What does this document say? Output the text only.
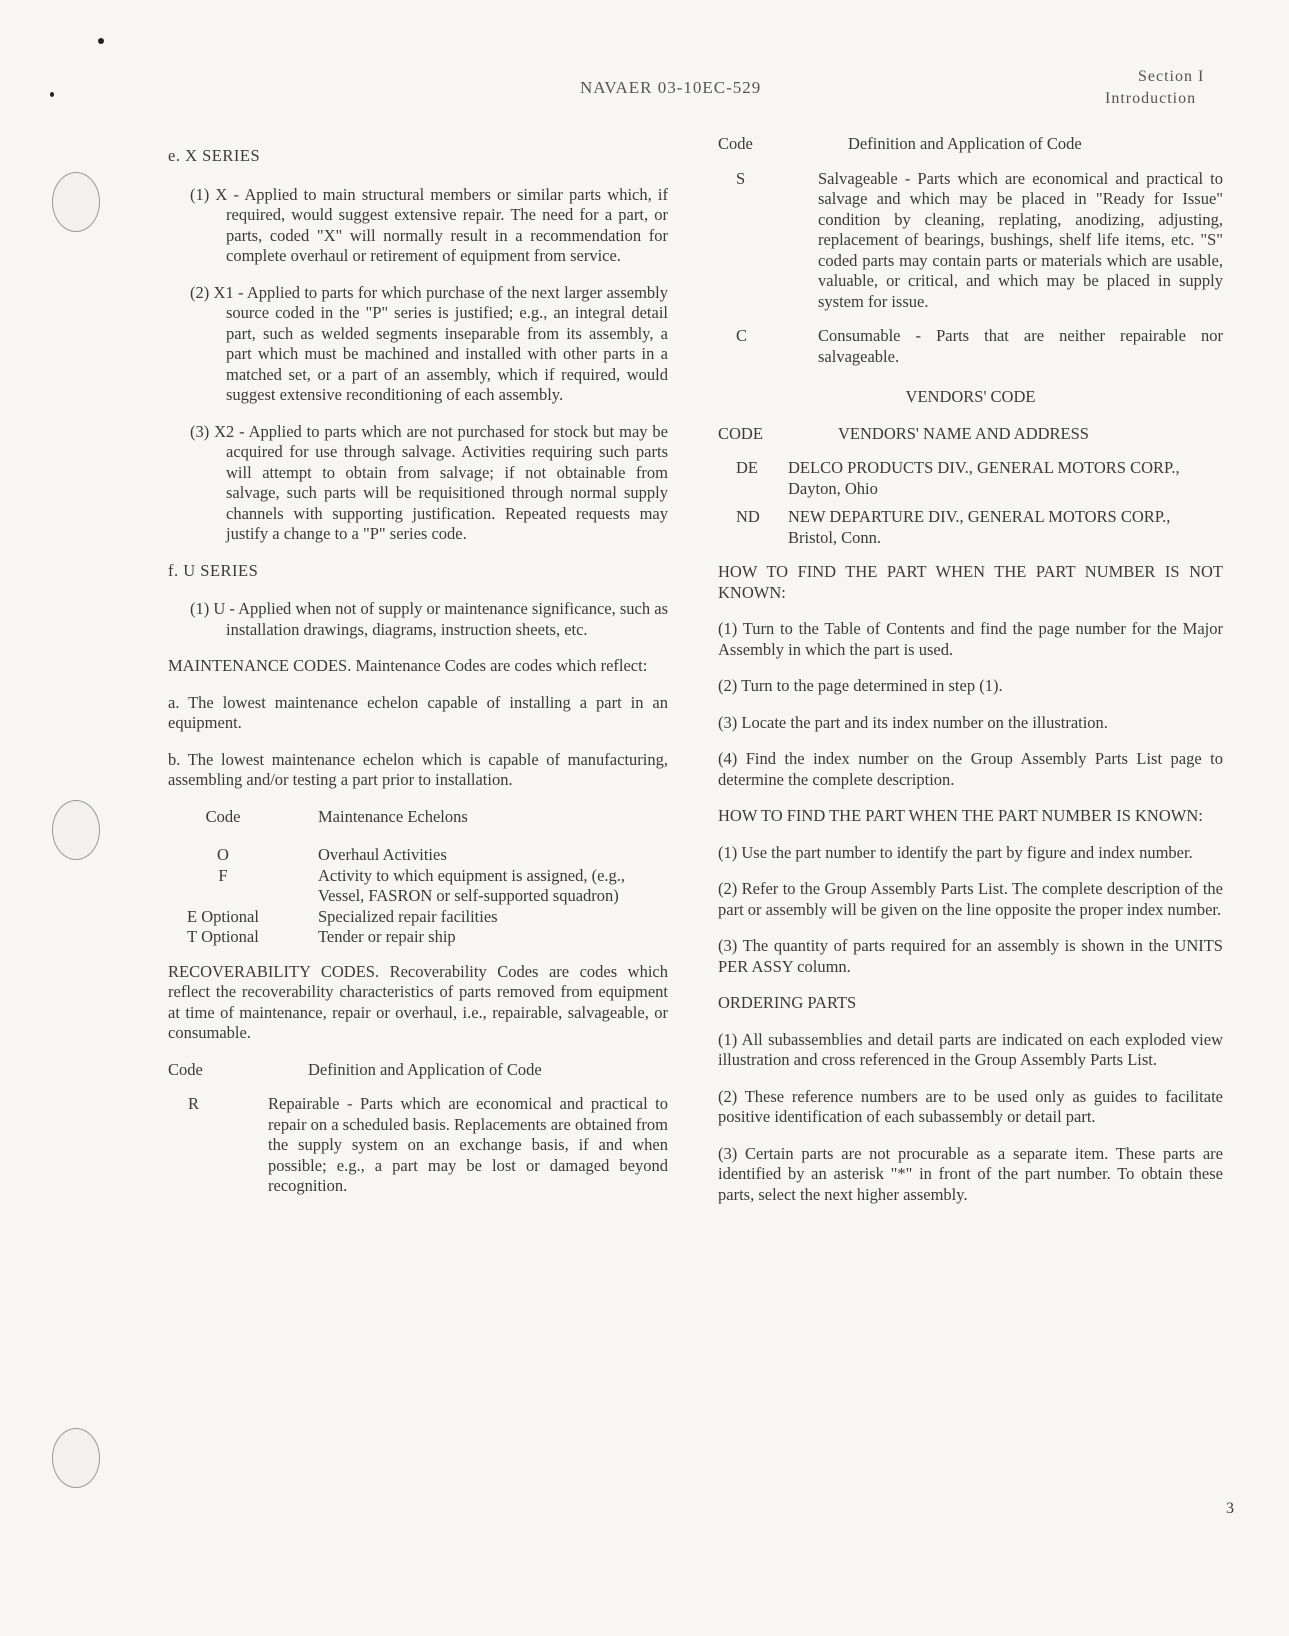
NAVAER 03-10EC-529
Section I
Introduction

e. X SERIES

(1) X - Applied to main structural members or similar parts which, if required, would suggest extensive repair. The need for a part, or parts, coded "X" will normally result in a recommendation for complete overhaul or retirement of equipment from service.

(2) X1 - Applied to parts for which purchase of the next larger assembly source coded in the "P" series is justified; e.g., an integral detail part, such as welded segments inseparable from its assembly, a part which must be machined and installed with other parts in a matched set, or a part of an assembly, which if required, would suggest extensive reconditioning of each assembly.

(3) X2 - Applied to parts which are not purchased for stock but may be acquired for use through salvage. Activities requiring such parts will attempt to obtain from salvage; if not obtainable from salvage, such parts will be requisitioned through normal supply channels with supporting justification. Repeated requests may justify a change to a "P" series code.

f. U SERIES

(1) U - Applied when not of supply or maintenance significance, such as installation drawings, diagrams, instruction sheets, etc.

MAINTENANCE CODES. Maintenance Codes are codes which reflect:

a. The lowest maintenance echelon capable of installing a part in an equipment.

b. The lowest maintenance echelon which is capable of manufacturing, assembling and/or testing a part prior to installation.

Code	Maintenance Echelons
O	Overhaul Activities
F	Activity to which equipment is assigned, (e.g., Vessel, FASRON or self-supported squadron)
E Optional	Specialized repair facilities
T Optional	Tender or repair ship

RECOVERABILITY CODES. Recoverability Codes are codes which reflect the recoverability characteristics of parts removed from equipment at time of maintenance, repair or overhaul, i.e., repairable, salvageable, or consumable.

Code	Definition and Application of Code
R	Repairable - Parts which are economical and practical to repair on a scheduled basis. Replacements are obtained from the supply system on an exchange basis, if and when possible; e.g., a part may be lost or damaged beyond recognition.
Code	Definition and Application of Code
S	Salvageable - Parts which are economical and practical to salvage and which may be placed in "Ready for Issue" condition by cleaning, replating, anodizing, adjusting, replacement of bearings, bushings, shelf life items, etc. "S" coded parts may contain parts or materials which are usable, valuable, or critical, and which may be placed in supply system for issue.
C	Consumable - Parts that are neither repairable nor salvageable.

VENDORS' CODE

CODE	VENDORS' NAME AND ADDRESS
DE	DELCO PRODUCTS DIV., GENERAL MOTORS CORP., Dayton, Ohio
ND	NEW DEPARTURE DIV., GENERAL MOTORS CORP., Bristol, Conn.

HOW TO FIND THE PART WHEN THE PART NUMBER IS NOT KNOWN:

(1) Turn to the Table of Contents and find the page number for the Major Assembly in which the part is used.

(2) Turn to the page determined in step (1).

(3) Locate the part and its index number on the illustration.

(4) Find the index number on the Group Assembly Parts List page to determine the complete description.

HOW TO FIND THE PART WHEN THE PART NUMBER IS KNOWN:

(1) Use the part number to identify the part by figure and index number.

(2) Refer to the Group Assembly Parts List. The complete description of the part or assembly will be given on the line opposite the proper index number.

(3) The quantity of parts required for an assembly is shown in the UNITS PER ASSY column.

ORDERING PARTS

(1) All subassemblies and detail parts are indicated on each exploded view illustration and cross referenced in the Group Assembly Parts List.

(2) These reference numbers are to be used only as guides to facilitate positive identification of each subassembly or detail part.

(3) Certain parts are not procurable as a separate item. These parts are identified by an asterisk "*" in front of the part number. To obtain these parts, select the next higher assembly.

3
